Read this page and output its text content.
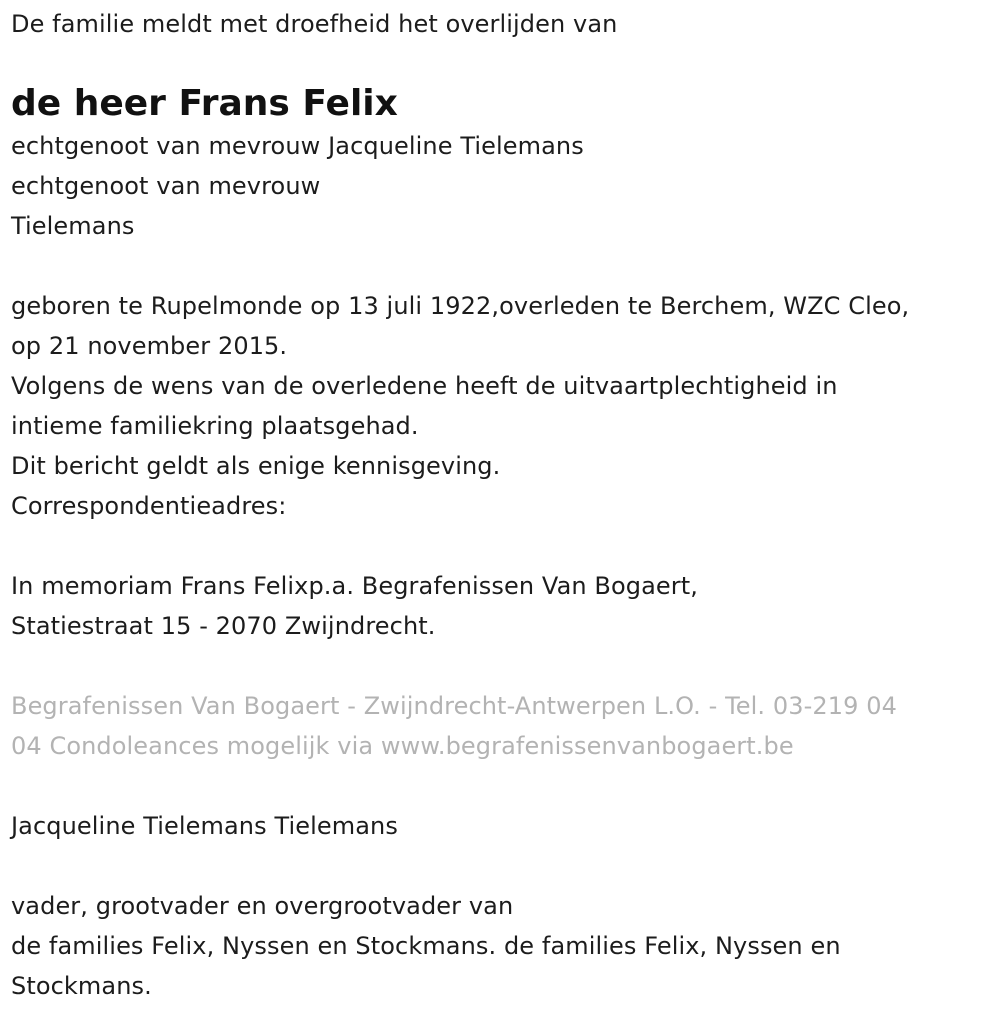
De familie meldt met droefheid het overlijden van
de heer Frans Felix
echtgenoot van mevrouw Jacqueline Tielemans
echtgenoot van mevrouw
Tielemans
geboren te Rupelmonde op 13 juli 1922,overleden te Berchem, WZC Cleo,
op 21 november 2015.
Volgens de wens van de overledene heeft de uitvaartplechtigheid in
intieme familiekring plaatsgehad.
Dit bericht geldt als enige kennisgeving.
Correspondentieadres:
In memoriam Frans Felixp.a. Begrafenissen Van Bogaert,
Statiestraat 15 - 2070 Zwijndrecht.
Begrafenissen Van Bogaert - Zwijndrecht-Antwerpen L.O. - Tel. 03-219 04
04 Condoleances mogelijk via www.begrafenissenvanbogaert.be
Jacqueline Tielemans Tielemans
vader, grootvader en overgrootvader van
de families Felix, Nyssen en Stockmans. de families Felix, Nyssen en
Stockmans.
